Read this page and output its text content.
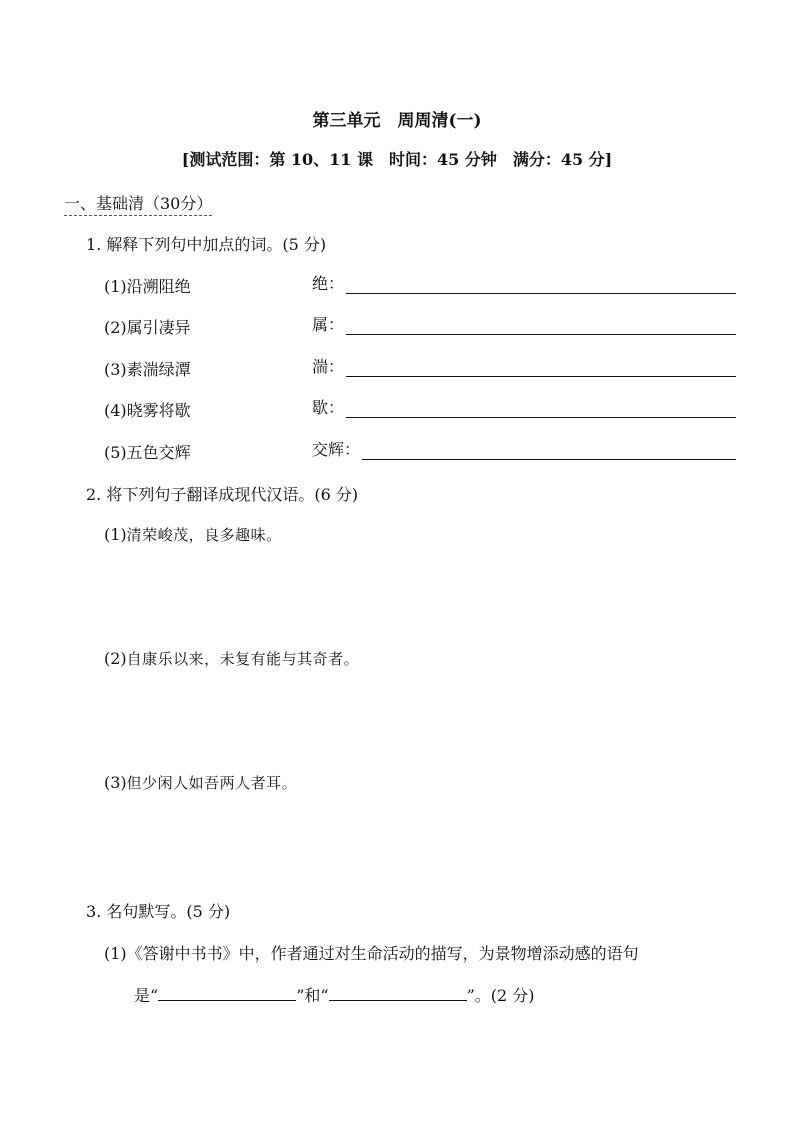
第三单元　周周清(一)
[测试范围：第 10、11 课　时间：45 分钟　满分：45 分]
一、基础清（30分）
1. 解释下列句中加点的词。(5 分)
(1)沿溯阻绝	绝：
(2)属引凄异	属：
(3)素湍绿潭	湍：
(4)晓雾将歇	歇：
(5)五色交辉	交辉：
2. 将下列句子翻译成现代汉语。(6 分)
(1)清荣峻茂，良多趣味。
(2)自康乐以来，未复有能与其奇者。
(3)但少闲人如吾两人者耳。
3. 名句默写。(5 分)
(1)《答谢中书书》中，作者通过对生命活动的描写，为景物增添动感的语句
是“	”和“	”。(2 分)
